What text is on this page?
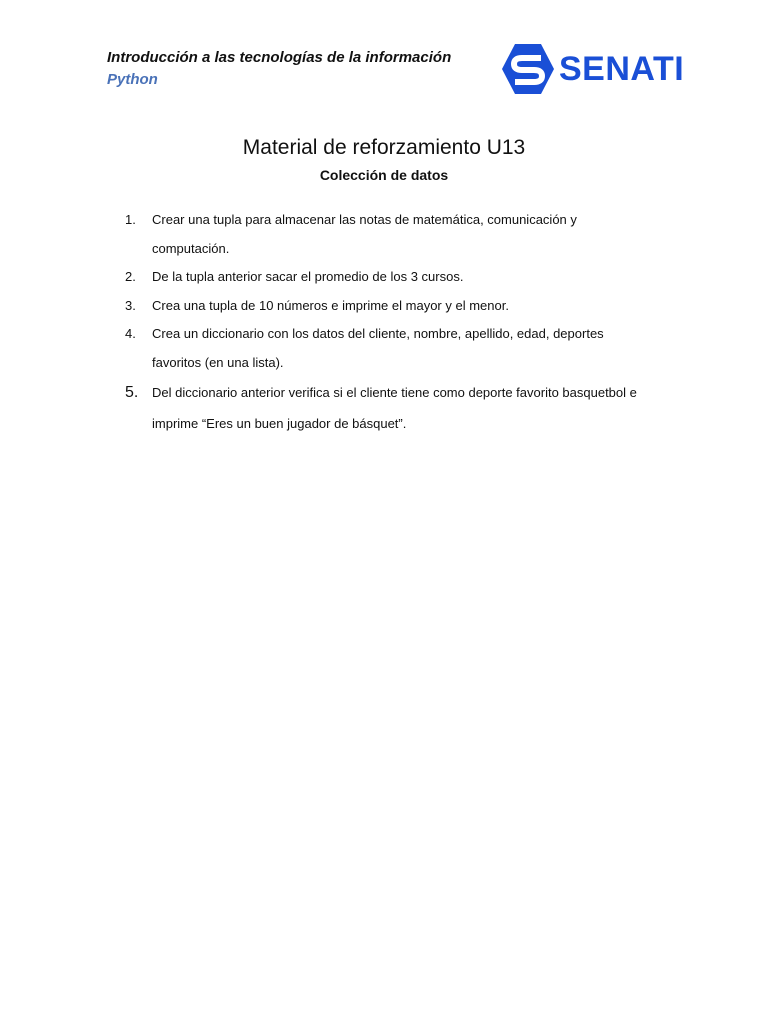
Introducción a las tecnologías de la información
Python	SENATI
Material de reforzamiento U13
Colección de datos
1.	Crear una tupla para almacenar las notas de matemática, comunicación y computación.
2.	De la tupla anterior sacar el promedio de los 3 cursos.
3.	Crea una tupla de 10 números e imprime el mayor y el menor.
4.	Crea un diccionario con los datos del cliente, nombre, apellido, edad, deportes favoritos (en una lista).
5.	Del diccionario anterior verifica si el cliente tiene como deporte favorito basquetbol e imprime “Eres un buen jugador de básquet”.
